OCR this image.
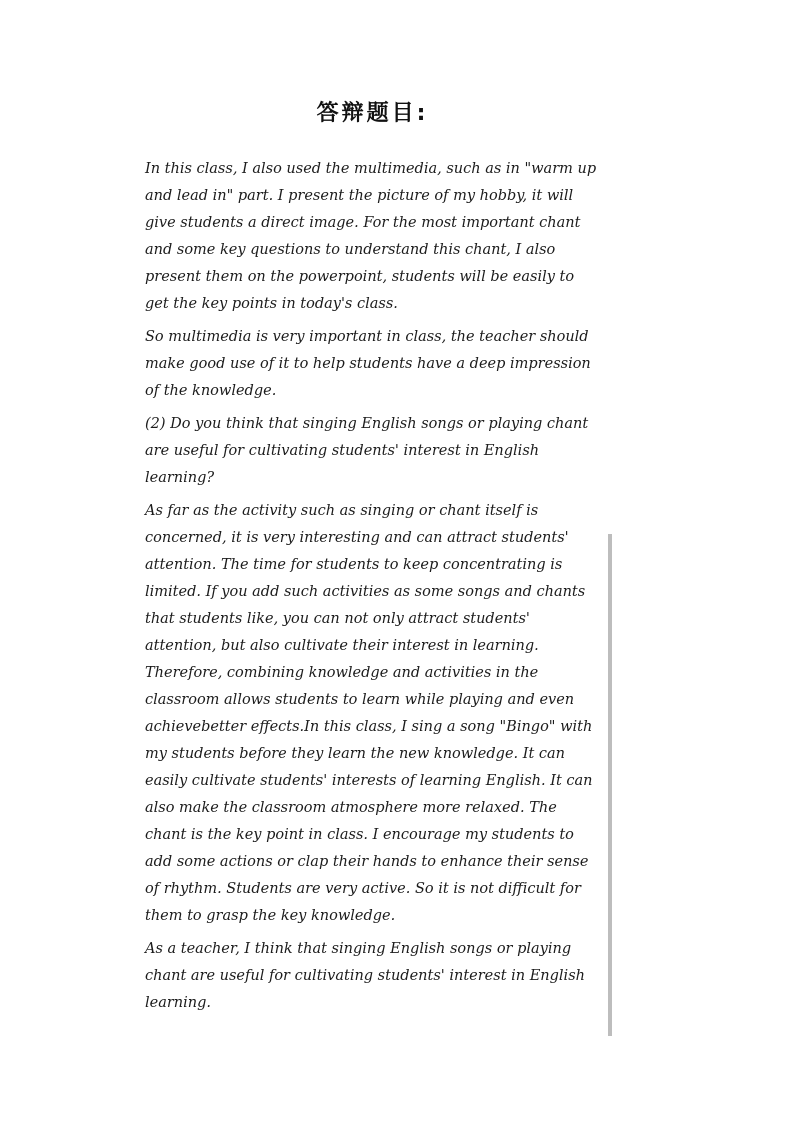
答辩题目:

In this class, I also used the multimedia, such as in "warm up and lead in" part. I present the picture of my hobby, it will give students a direct image. For the most important chant and some key questions to understand this chant, I also present them on the powerpoint, students will be easily to get the key points in today's class.

So multimedia is very important in class, the teacher should make good use of it to help students have a deep impression of the knowledge.

(2) Do you think that singing English songs or playing chant are useful for cultivating students' interest in English learning?

As far as the activity such as singing or chant itself is concerned, it is very interesting and can attract students' attention. The time for students to keep concentrating is limited. If you add such activities as some songs and chants that students like, you can not only attract students' attention, but also cultivate their interest in learning. Therefore, combining knowledge and activities in the classroom allows students to learn while playing and even achievebetter effects.In this class, I sing a song "Bingo" with my students before they learn the new knowledge. It can easily cultivate students' interests of learning English. It can also make the classroom atmosphere more relaxed. The chant is the key point in class. I encourage my students to add some actions or clap their hands to enhance their sense of rhythm. Students are very active. So it is not difficult for them to grasp the key knowledge.

As a teacher, I think that singing English songs or playing chant are useful for cultivating students' interest in English learning.
